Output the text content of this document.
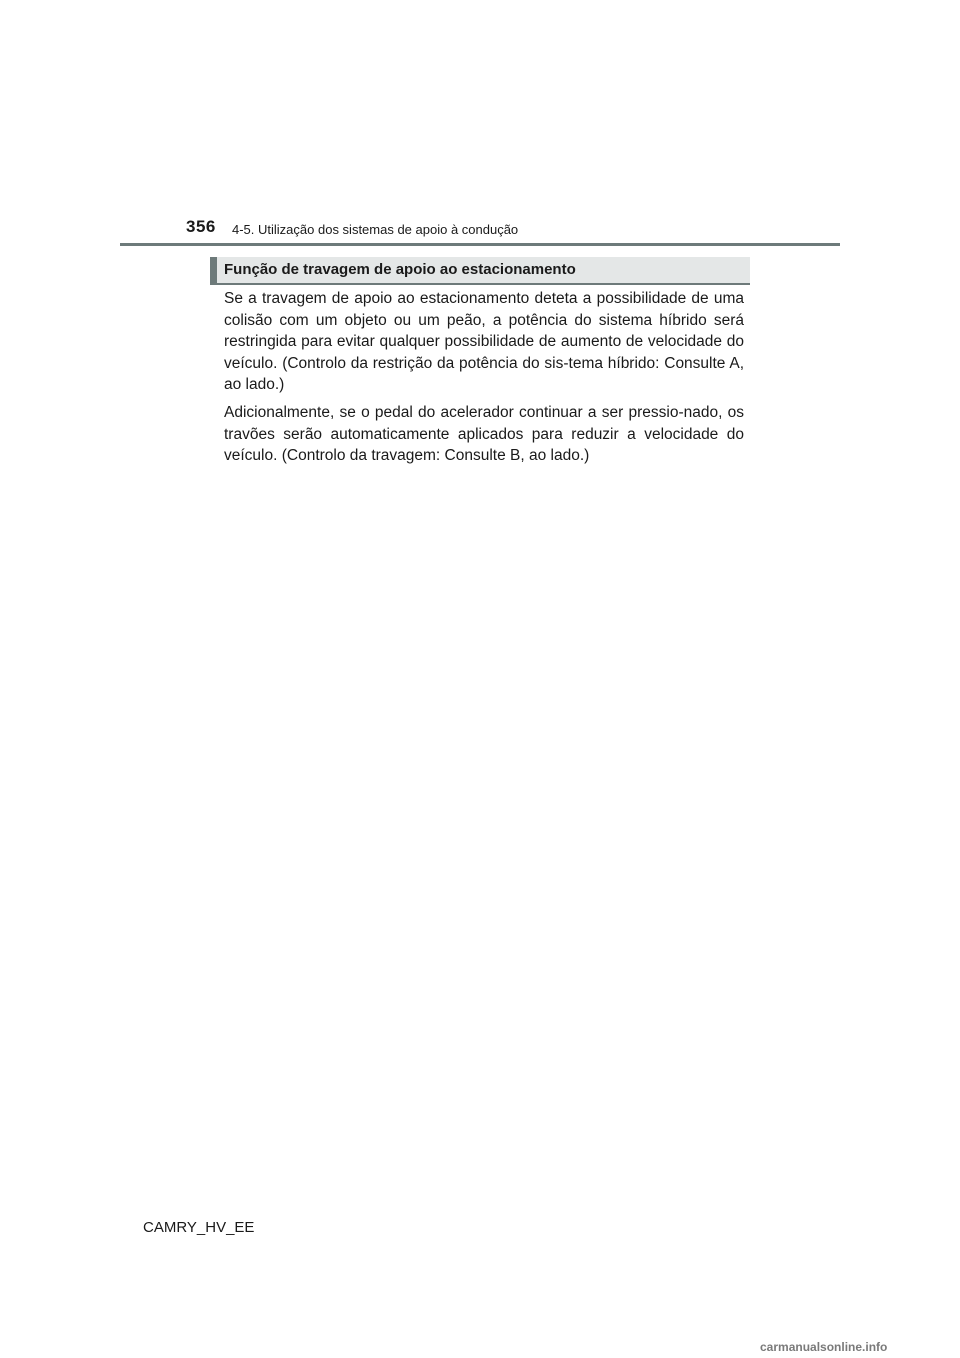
356 4-5. Utilização dos sistemas de apoio à condução
Função de travagem de apoio ao estacionamento

Se a travagem de apoio ao estacionamento deteta a possibilidade de uma colisão com um objeto ou um peão, a potência do sistema híbrido será restringida para evitar qualquer possibilidade de aumento de velocidade do veículo. (Controlo da restrição da potência do sis-tema híbrido: Consulte A, ao lado.)

Adicionalmente, se o pedal do acelerador continuar a ser pressio-nado, os travões serão automaticamente aplicados para reduzir a velocidade do veículo. (Controlo da travagem: Consulte B, ao lado.)

CAMRY_HV_EE
carmanualsonline.info
